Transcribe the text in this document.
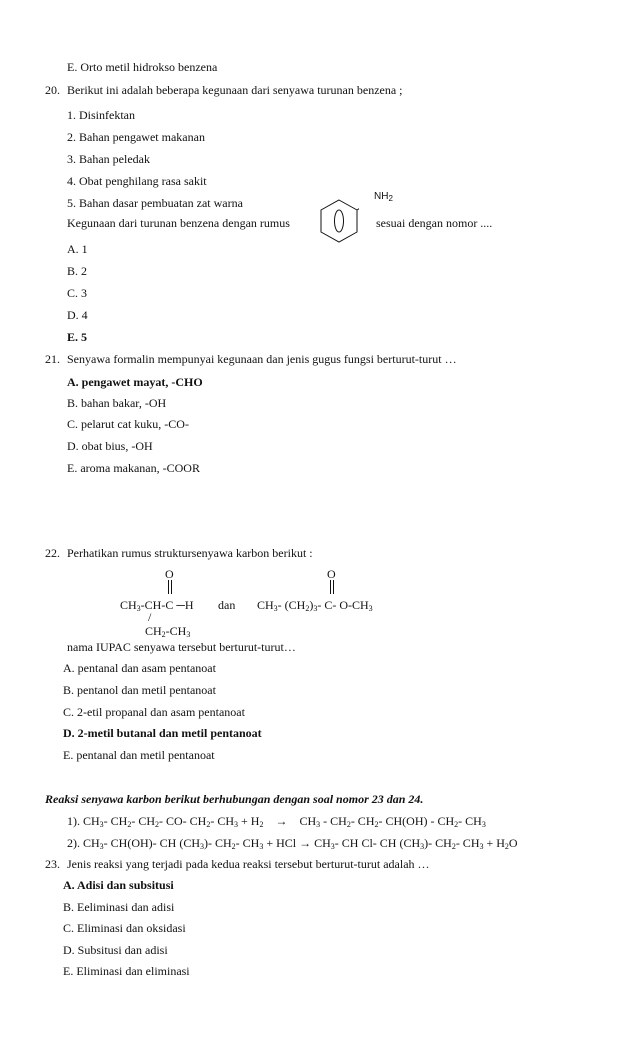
E. Orto metil hidrokso benzena
20. Berikut ini adalah beberapa kegunaan dari senyawa turunan benzena ;
1. Disinfektan
2. Bahan pengawet makanan
3. Bahan peledak
4. Obat penghilang rasa sakit
5. Bahan dasar pembuatan zat warna	$NH_2$
Kegunaan dari turunan benzena dengan rumus	sesuai dengan nomor ....
A. 1
B. 2
C. 3
D. 4
E. 5
21. Senyawa formalin mempunyai kegunaan dan jenis gugus fungsi berturut-turut …
A. pengawet mayat, -CHO
B. bahan bakar, -OH
C. pelarut cat kuku, -CO-
D. obat bius, -OH
E. aroma makanan, -COOR
22. Perhatikan rumus struktursenyawa karbon berikut :
O	O
$CH_3-CH-C$ ─H dan $CH_3-$ $(CH_2)_3-$ C- $O-CH_3$
/
$CH_2-CH_3$
nama IUPAC senyawa tersebut berturut-turut…
A. pentanal dan asam pentanoat
B. pentanol dan metil pentanoat
C. 2-etil propanal dan asam pentanoat
D. 2-metil butanal dan metil pentanoat
E. pentanal dan metil pentanoat
Reaksi senyawa karbon berikut berhubungan dengan soal nomor 23 dan 24.
1). $CH_3-$ $CH_2-$ $CH_2-$ CO- $CH_2-$ $CH_3 + H_2$    →    $CH_3 - CH_2-$ $CH_2-$ $CH(OH) - CH_2-$ $CH_3$
2). $CH_3-$ CH(OH)- CH $(CH_3)-$ $CH_2-$ $CH_3$ + HCl → $CH_3-$ CH Cl- CH $(CH_3)-$ $CH_2-$ $CH_3 + H_2O$
23. Jenis reaksi yang terjadi pada kedua reaksi tersebut berturut-turut adalah …
A. Adisi dan subsitusi
B. Eeliminasi dan adisi
C. Eliminasi dan oksidasi
D. Subsitusi dan adisi
E. Eliminasi dan eliminasi
